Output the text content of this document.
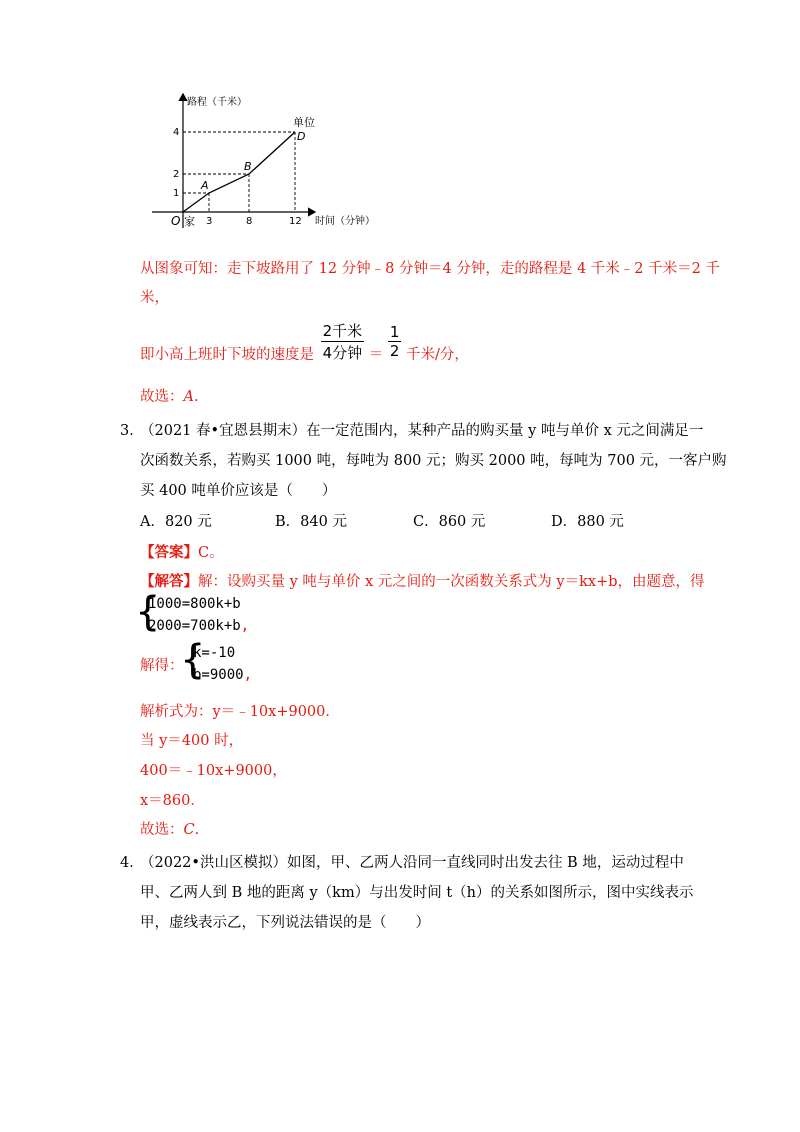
路程（千米）
时间（分钟）
O 家
单位
A
B
D
4
2
1
3	8	12
从图象可知：走下坡路用了 12 分钟﹣8 分钟＝4 分钟，走的路程是 4 千米﹣2 千米＝2 千
米，
即小高上班时下坡的速度是 $\frac{\text{2千米}}{\text{4分钟}} = \frac{1}{2}$ 千米/分，
故选：A.
3．
（2021 春•宜恩县期末）在一定范围内，某种产品的购买量 y 吨与单价 x 元之间满足一
次函数关系，若购买 1000 吨，每吨为 800 元；购买 2000 吨，每吨为 700 元，一客户购
买 400 吨单价应该是（　　）
A．820 元	B．840 元	C．860 元	D．880 元
【答案】C。
【解答】解：设购买量 y 吨与单价 x 元之间的一次函数关系式为 y＝kx+b，由题意，得
{
1000=800k+b
2000=700k+b,
解得：
{
k=-10
b=9000,
解析式为：y＝﹣10x+9000．
当 y＝400 时，
400＝﹣10x+9000，
x＝860．
故选：C.
4．
（2022•洪山区模拟）如图，甲、乙两人沿同一直线同时出发去往 B 地，运动过程中
甲、乙两人到 B 地的距离 y（km）与出发时间 t（h）的关系如图所示，图中实线表示
甲，虚线表示乙，下列说法错误的是（　　）
